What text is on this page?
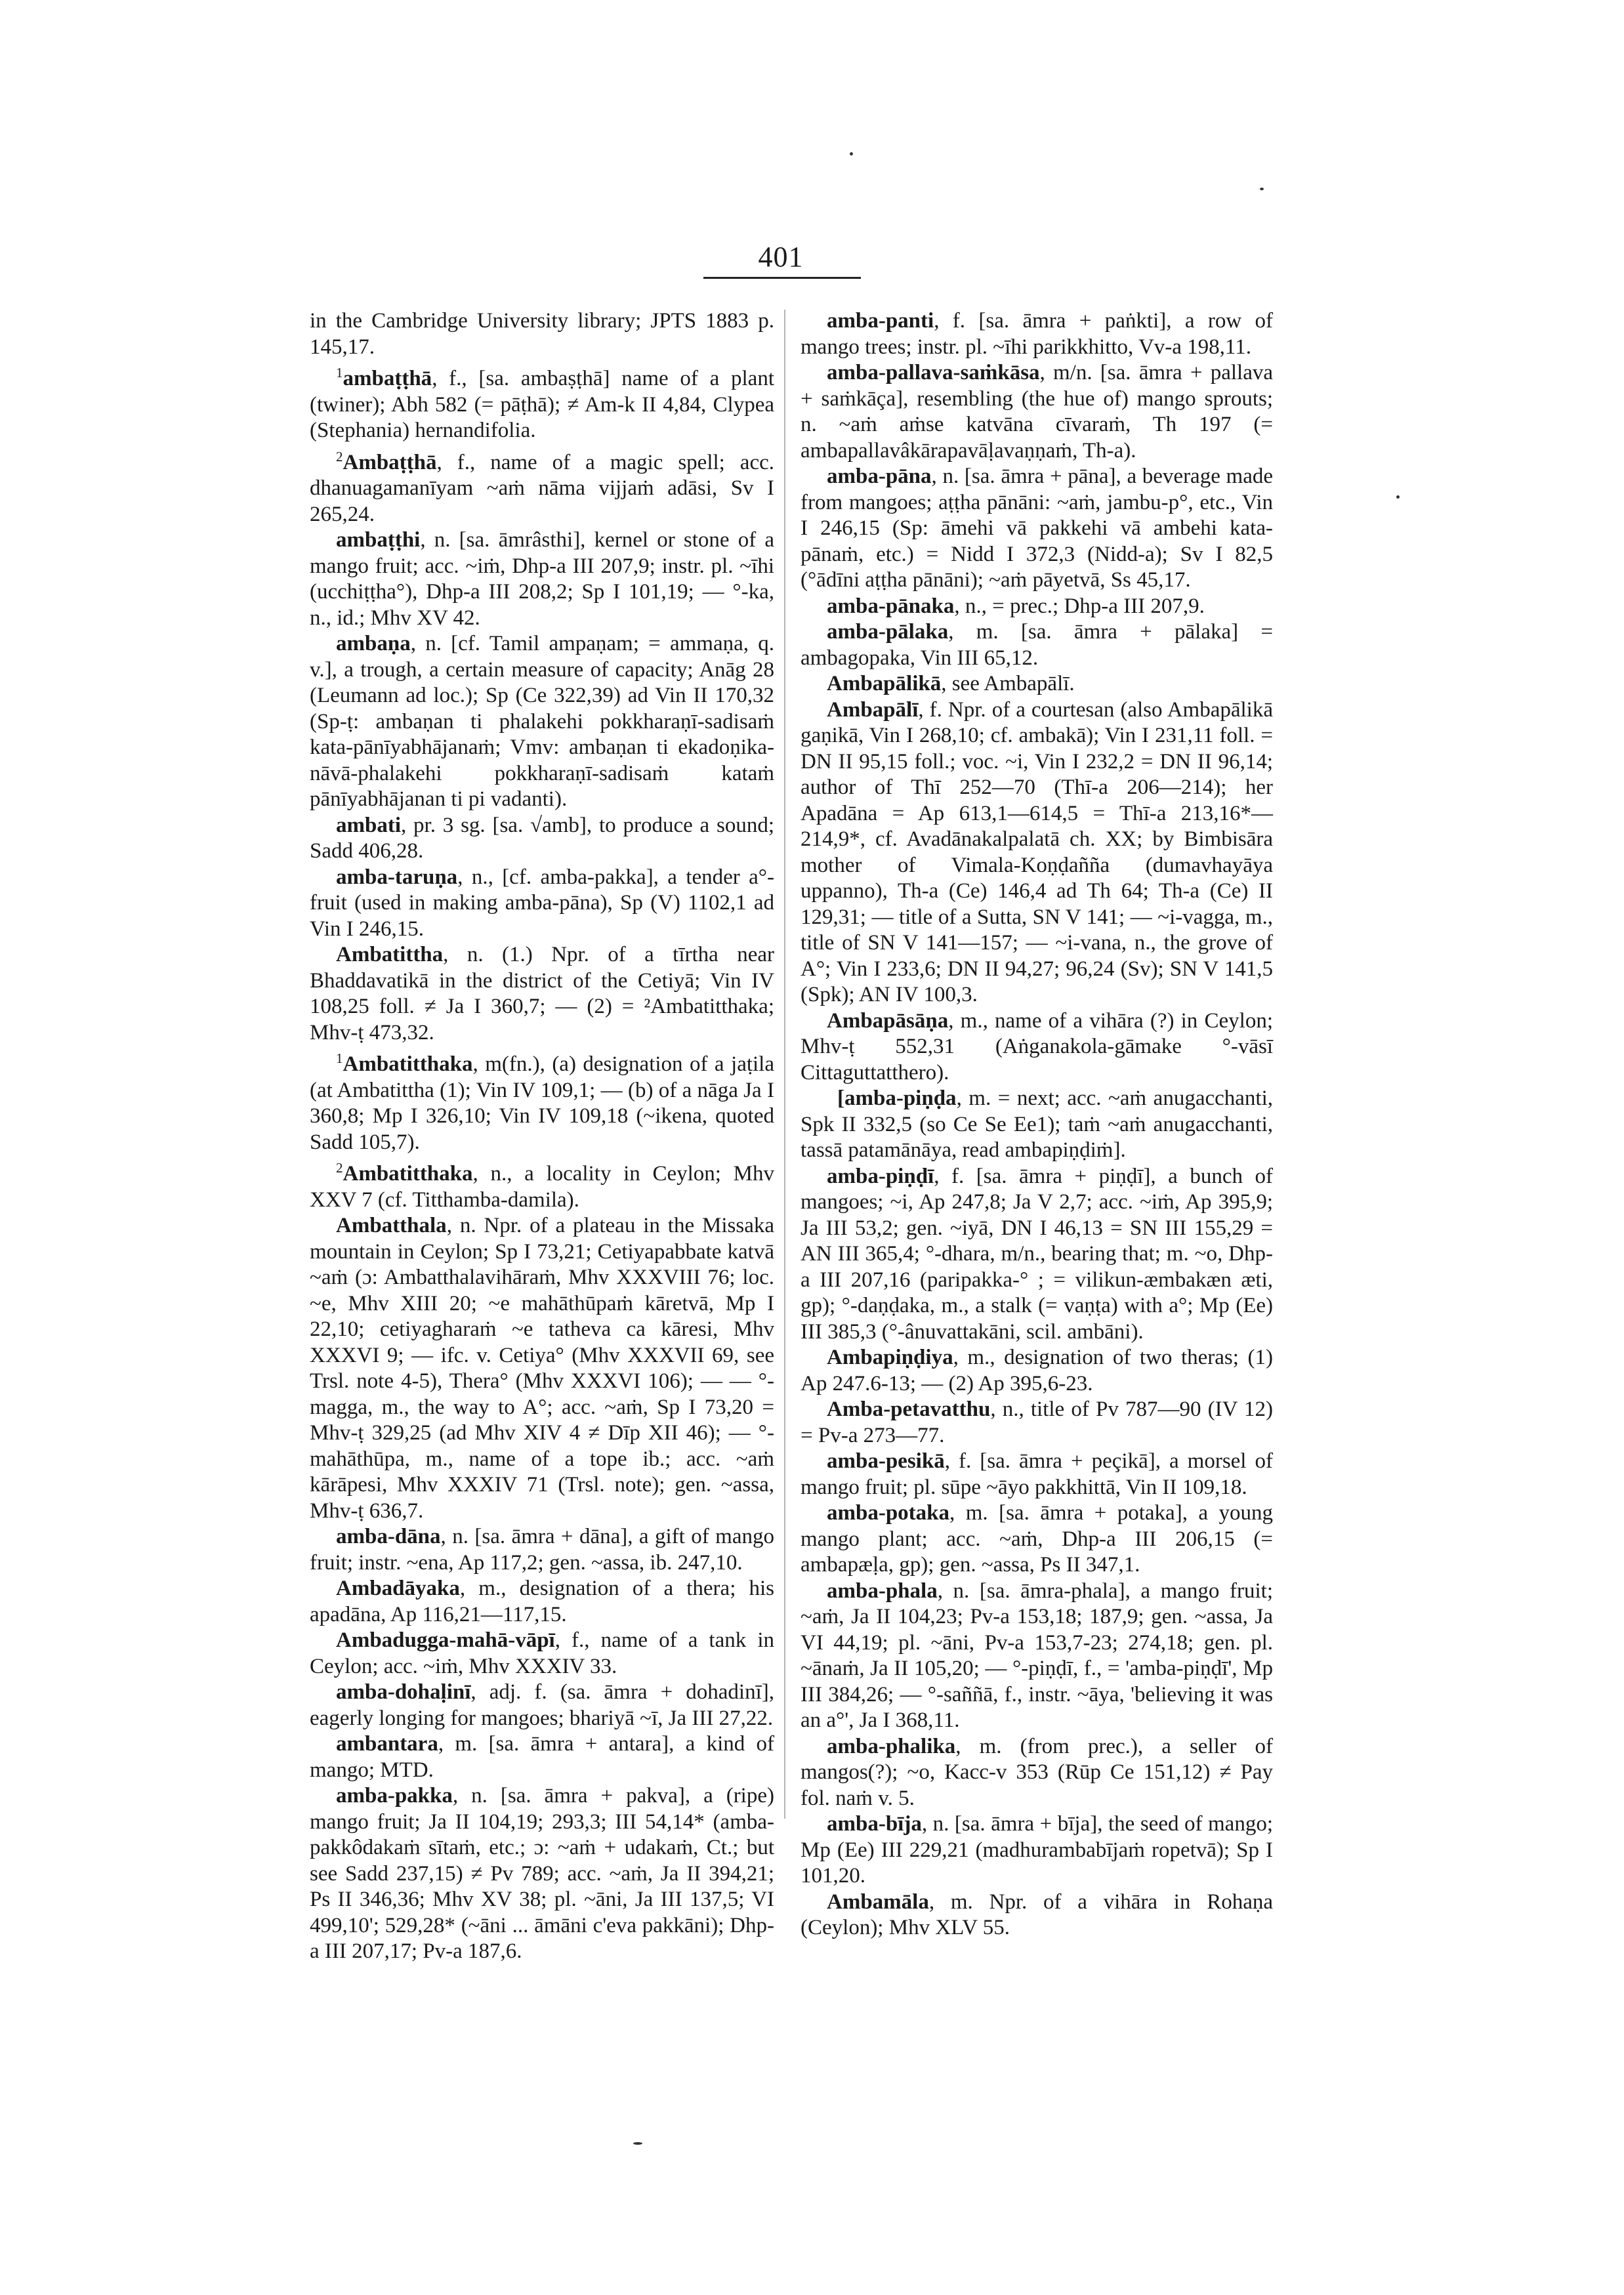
401

in the Cambridge University library; JPTS 1883 p. 145,17.

$^1$ambaṭṭhā, f., [sa. ambaṣṭhā] name of a plant (twiner); Abh 582 (= pāṭhā); ≠ Am-k II 4,84, Clypea (Stephania) hernandifolia.

$^2$Ambaṭṭhā, f., name of a magic spell; acc. dhanuagamanīyam ~aṁ nāma vijjaṁ adāsi, Sv I 265,24.

ambaṭṭhi, n. [sa. āmrâsthi], kernel or stone of a mango fruit; acc. ~iṁ, Dhp-a III 207,9; instr. pl. ~īhi (ucchiṭṭha°), Dhp-a III 208,2; Sp I 101,19; — °-ka, n., id.; Mhv XV 42.

ambaṇa, n. [cf. Tamil ampaṇam; = ammaṇa, q. v.], a trough, a certain measure of capacity; Anāg 28 (Leumann ad loc.); Sp (Ce 322,39) ad Vin II 170,32 (Sp-ṭ: ambaṇan ti phalakehi pokkharaṇī-sadisaṁ kata-pānīyabhājanaṁ; Vmv: ambaṇan ti ekadoṇika-nāvā-phalakehi pokkharaṇī-sadisaṁ kataṁ pānīyabhājanan ti pi vadanti).

ambati, pr. 3 sg. [sa. √amb], to produce a sound; Sadd 406,28.

amba-taruṇa, n., [cf. amba-pakka], a tender a°-fruit (used in making amba-pāna), Sp (V) 1102,1 ad Vin I 246,15.

Ambatittha, n. (1.) Npr. of a tīrtha near Bhaddavatikā in the district of the Cetiyā; Vin IV 108,25 foll. ≠ Ja I 360,7; — (2) = ²Ambatitthaka; Mhv-ṭ 473,32.

$^1$Ambatitthaka, m(fn.), (a) designation of a jaṭila (at Ambatittha (1); Vin IV 109,1; — (b) of a nāga Ja I 360,8; Mp I 326,10; Vin IV 109,18 (~ikena, quoted Sadd 105,7).

$^2$Ambatitthaka, n., a locality in Ceylon; Mhv XXV 7 (cf. Titthamba-damila).

Ambatthala, n. Npr. of a plateau in the Missaka mountain in Ceylon; Sp I 73,21; Cetiyapabbate katvā ~aṁ (ɔ: Ambatthalavihāraṁ, Mhv XXXVIII 76; loc. ~e, Mhv XIII 20; ~e mahāthūpaṁ kāretvā, Mp I 22,10; cetiyagharaṁ ~e tatheva ca kāresi, Mhv XXXVI 9; — ifc. v. Cetiya° (Mhv XXXVII 69, see Trsl. note 4-5), Thera° (Mhv XXXVI 106); — — °-magga, m., the way to A°; acc. ~aṁ, Sp I 73,20 = Mhv-ṭ 329,25 (ad Mhv XIV 4 ≠ Dīp XII 46); — °-mahāthūpa, m., name of a tope ib.; acc. ~aṁ kārāpesi, Mhv XXXIV 71 (Trsl. note); gen. ~assa, Mhv-ṭ 636,7.

amba-dāna, n. [sa. āmra + dāna], a gift of mango fruit; instr. ~ena, Ap 117,2; gen. ~assa, ib. 247,10.

Ambadāyaka, m., designation of a thera; his apadāna, Ap 116,21—117,15.

Ambadugga-mahā-vāpī, f., name of a tank in Ceylon; acc. ~iṁ, Mhv XXXIV 33.

amba-dohaḷinī, adj. f. (sa. āmra + dohadinī], eagerly longing for mangoes; bhariyā ~ī, Ja III 27,22.

ambantara, m. [sa. āmra + antara], a kind of mango; MTD.

amba-pakka, n. [sa. āmra + pakva], a (ripe) mango fruit; Ja II 104,19; 293,3; III 54,14* (amba-pakkôdakaṁ sītaṁ, etc.; ɔ: ~aṁ + udakaṁ, Ct.; but see Sadd 237,15) ≠ Pv 789; acc. ~aṁ, Ja II 394,21; Ps II 346,36; Mhv XV 38; pl. ~āni, Ja III 137,5; VI 499,10'; 529,28* (~āni ... āmāni c'eva pakkāni); Dhp-a III 207,17; Pv-a 187,6.

amba-panti, f. [sa. āmra + paṅkti], a row of mango trees; instr. pl. ~īhi parikkhitto, Vv-a 198,11.

amba-pallava-saṁkāsa, m/n. [sa. āmra + pallava + saṁkāça], resembling (the hue of) mango sprouts; n. ~aṁ aṁse katvāna cīvaraṁ, Th 197 (= ambapallavâkārapavāḷavaṇṇaṁ, Th-a).

amba-pāna, n. [sa. āmra + pāna], a beverage made from mangoes; aṭṭha pānāni: ~aṁ, jambu-p°, etc., Vin I 246,15 (Sp: āmehi vā pakkehi vā ambehi kata-pānaṁ, etc.) = Nidd I 372,3 (Nidd-a); Sv I 82,5 (°ādīni aṭṭha pānāni); ~aṁ pāyetvā, Ss 45,17.

amba-pānaka, n., = prec.; Dhp-a III 207,9.

amba-pālaka, m. [sa. āmra + pālaka] = ambagopaka, Vin III 65,12.

Ambapālikā, see Ambapālī.

Ambapālī, f. Npr. of a courtesan (also Ambapālikā gaṇikā, Vin I 268,10; cf. ambakā); Vin I 231,11 foll. = DN II 95,15 foll.; voc. ~i, Vin I 232,2 = DN II 96,14; author of Thī 252—70 (Thī-a 206—214); her Apadāna = Ap 613,1—614,5 = Thī-a 213,16*—214,9*, cf. Avadānakalpalatā ch. XX; by Bimbisāra mother of Vimala-Koṇḍañña (dumavhayāya uppanno), Th-a (Ce) 146,4 ad Th 64; Th-a (Ce) II 129,31; — title of a Sutta, SN V 141; — ~i-vagga, m., title of SN V 141—157; — ~i-vana, n., the grove of A°; Vin I 233,6; DN II 94,27; 96,24 (Sv); SN V 141,5 (Spk); AN IV 100,3.

Ambapāsāṇa, m., name of a vihāra (?) in Ceylon; Mhv-ṭ 552,31 (Aṅganakola-gāmake °-vāsī Cittaguttatthero).

[amba-piṇḍa, m. = next; acc. ~aṁ anugacchanti, Spk II 332,5 (so Ce Se Ee1); taṁ ~aṁ anugacchanti, tassā patamānāya, read ambapiṇḍiṁ].

amba-piṇḍī, f. [sa. āmra + piṇḍī], a bunch of mangoes; ~i, Ap 247,8; Ja V 2,7; acc. ~iṁ, Ap 395,9; Ja III 53,2; gen. ~iyā, DN I 46,13 = SN III 155,29 = AN III 365,4; °-dhara, m/n., bearing that; m. ~o, Dhp-a III 207,16 (paripakka-° ; = vilikun-æmbakæn æti, gp); °-daṇḍaka, m., a stalk (= vaṇṭa) with a°; Mp (Ee) III 385,3 (°-ânuvattakāni, scil. ambāni).

Ambapiṇḍiya, m., designation of two theras; (1) Ap 247.6-13; — (2) Ap 395,6-23.

Amba-petavatthu, n., title of Pv 787—90 (IV 12) = Pv-a 273—77.

amba-pesikā, f. [sa. āmra + peçikā], a morsel of mango fruit; pl. sūpe ~āyo pakkhittā, Vin II 109,18.

amba-potaka, m. [sa. āmra + potaka], a young mango plant; acc. ~aṁ, Dhp-a III 206,15 (= ambapæḷa, gp); gen. ~assa, Ps II 347,1.

amba-phala, n. [sa. āmra-phala], a mango fruit; ~aṁ, Ja II 104,23; Pv-a 153,18; 187,9; gen. ~assa, Ja VI 44,19; pl. ~āni, Pv-a 153,7-23; 274,18; gen. pl. ~ānaṁ, Ja II 105,20; — °-piṇḍī, f., = 'amba-piṇḍī', Mp III 384,26; — °-saññā, f., instr. ~āya, 'believing it was an a°', Ja I 368,11.

amba-phalika, m. (from prec.), a seller of mangos(?); ~o, Kacc-v 353 (Rūp Ce 151,12) ≠ Pay fol. naṁ v. 5.

amba-bīja, n. [sa. āmra + bīja], the seed of mango; Mp (Ee) III 229,21 (madhurambabījaṁ ropetvā); Sp I 101,20.

Ambamāla, m. Npr. of a vihāra in Rohaṇa (Ceylon); Mhv XLV 55.
